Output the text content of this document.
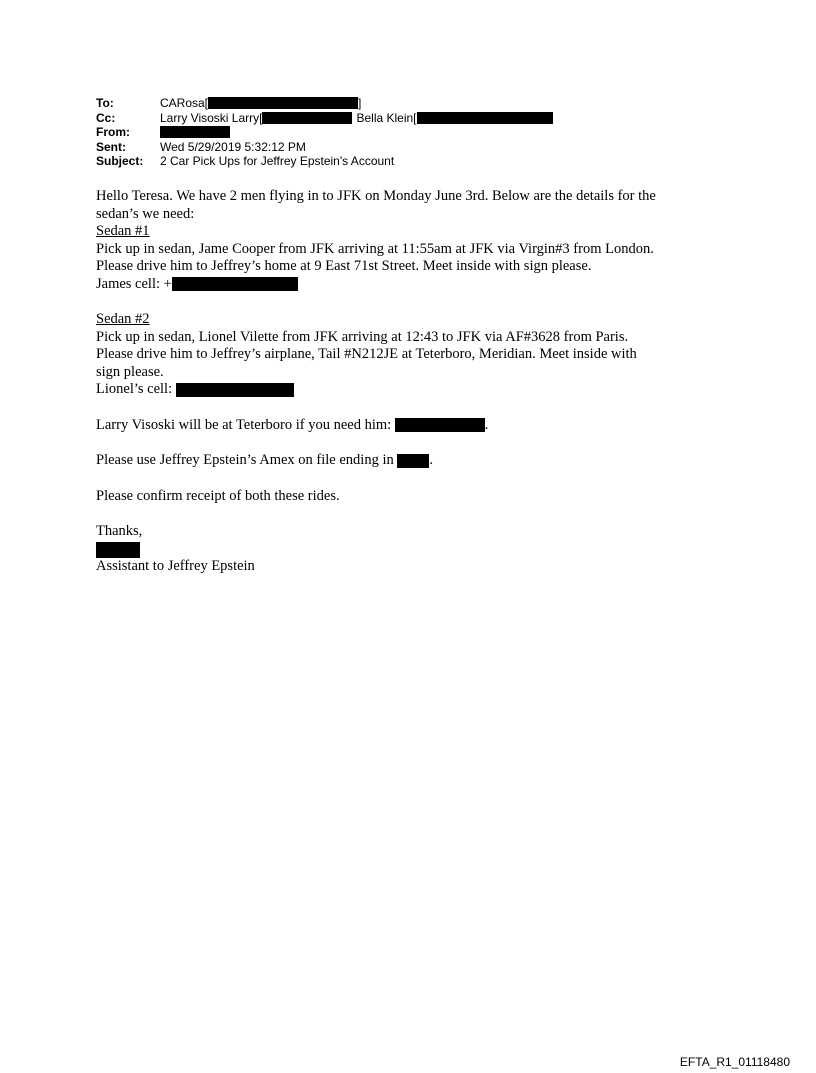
To:	CARosa[	]
Cc:	Larry Visoski Larry[	Bella Klein[
From:
Sent:	Wed 5/29/2019 5:32:12 PM
Subject:	2 Car Pick Ups for Jeffrey Epstein's Account

Hello Teresa. We have 2 men flying in to JFK on Monday June 3rd. Below are the details for the

sedan’s we need:

Sedan #1

Pick up in sedan, Jame Cooper from JFK arriving at 11:55am at JFK via Virgin#3 from London.

Please drive him to Jeffrey’s home at 9 East 71st Street. Meet inside with sign please.

James cell: +

Sedan #2

Pick up in sedan, Lionel Vilette from JFK arriving at 12:43 to JFK via AF#3628 from Paris.

Please drive him to Jeffrey’s airplane, Tail #N212JE at Teterboro, Meridian. Meet inside with

sign please.

Lionel’s cell:

Larry Visoski will be at Teterboro if you need him:	.

Please use Jeffrey Epstein’s Amex on file ending in .

Please confirm receipt of both these rides.

Thanks,

Assistant to Jeffrey Epstein

EFTA_R1_01118480
